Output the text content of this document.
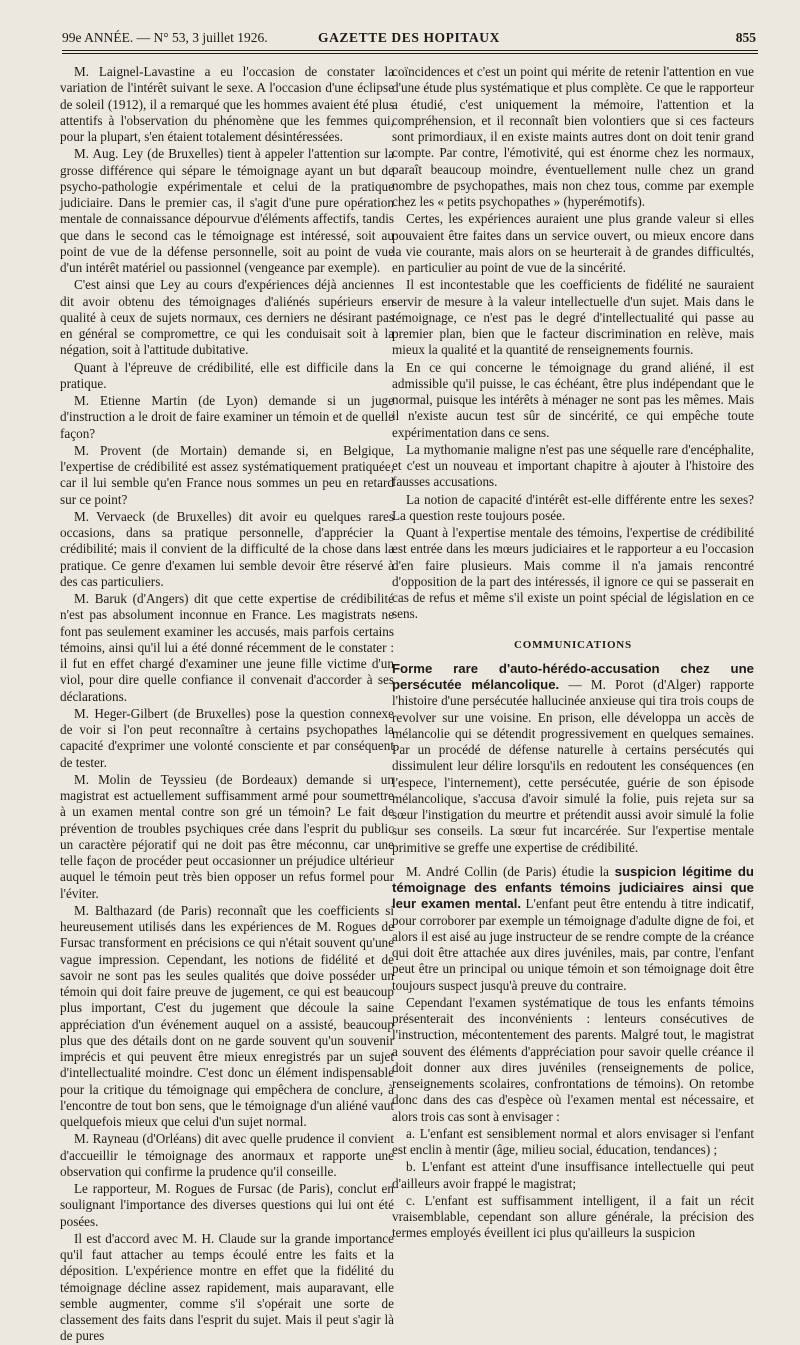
99e ANNÉE. — N° 53, 3 juillet 1926.	GAZETTE DES HOPITAUX	855

M. Laignel-Lavastine a eu l'occasion de constater la variation de l'intérêt suivant le sexe. A l'occasion d'une éclipse de soleil (1912), il a remarqué que les hommes avaient été plus attentifs à l'observation du phénomène que les femmes qui, pour la plupart, s'en étaient totalement désintéressées.

M. Aug. Ley (de Bruxelles) tient à appeler l'attention sur la grosse différence qui sépare le témoignage ayant un but de psycho-pathologie expérimentale et celui de la pratique judiciaire. Dans le premier cas, il s'agit d'une pure opération mentale de connaissance dépourvue d'éléments affectifs, tandis que dans le second cas le témoignage est intéressé, soit au point de vue de la défense personnelle, soit au point de vue d'un intérêt matériel ou passionnel (vengeance par exemple).

C'est ainsi que Ley au cours d'expériences déjà anciennes dit avoir obtenu des témoignages d'aliénés supérieurs en qualité à ceux de sujets normaux, ces derniers ne désirant pas en général se compromettre, ce qui les conduisait soit à la négation, soit à l'attitude dubitative.

Quant à l'épreuve de crédibilité, elle est difficile dans la pratique.

M. Etienne Martin (de Lyon) demande si un juge d'instruction a le droit de faire examiner un témoin et de quelle façon?

M. Provent (de Mortain) demande si, en Belgique, l'expertise de crédibilité est assez systématiquement pratiquée, car il lui semble qu'en France nous sommes un peu en retard sur ce point?

M. Vervaeck (de Bruxelles) dit avoir eu quelques rares occasions, dans sa pratique personnelle, d'apprécier la crédibilité; mais il convient de la difficulté de la chose dans la pratique. Ce genre d'examen lui semble devoir être réservé à des cas particuliers.

M. Baruk (d'Angers) dit que cette expertise de crédibilité n'est pas absolument inconnue en France. Les magistrats ne font pas seulement examiner les accusés, mais parfois certains témoins, ainsi qu'il lui a été donné récemment de le constater : il fut en effet chargé d'examiner une jeune fille victime d'un viol, pour dire quelle confiance il convenait d'accorder à ses déclarations.

M. Heger-Gilbert (de Bruxelles) pose la question connexe de voir si l'on peut reconnaître à certains psychopathes la capacité d'exprimer une volonté consciente et par conséquent de tester.

M. Molin de Teyssieu (de Bordeaux) demande si un magistrat est actuellement suffisamment armé pour soumettre à un examen mental contre son gré un témoin? Le fait de prévention de troubles psychiques crée dans l'esprit du public un caractère péjoratif qui ne doit pas être méconnu, car une telle façon de procéder peut occasionner un préjudice ultérieur auquel le témoin peut très bien opposer un refus formel pour l'éviter.

M. Balthazard (de Paris) reconnaît que les coefficients si heureusement utilisés dans les expériences de M. Rogues de Fursac transforment en précisions ce qui n'était souvent qu'une vague impression. Cependant, les notions de fidélité et de savoir ne sont pas les seules qualités que doive posséder un témoin qui doit faire preuve de jugement, ce qui est beaucoup plus important, C'est du jugement que découle la saine appréciation d'un événement auquel on a assisté, beaucoup plus que des détails dont on ne garde souvent qu'un souvenir imprécis et qui peuvent être mieux enregistrés par un sujet d'intellectualité moindre. C'est donc un élément indispensable pour la critique du témoignage qui empêchera de conclure, à l'encontre de tout bon sens, que le témoignage d'un aliéné vaut quelquefois mieux que celui d'un sujet normal.

M. Rayneau (d'Orléans) dit avec quelle prudence il convient d'accueillir le témoignage des anormaux et rapporte une observation qui confirme la prudence qu'il conseille.

Le rapporteur, M. Rogues de Fursac (de Paris), conclut en soulignant l'importance des diverses questions qui lui ont été posées.

Il est d'accord avec M. H. Claude sur la grande importance qu'il faut attacher au temps écoulé entre les faits et la déposition. L'expérience montre en effet que la fidélité du témoignage décline assez rapidement, mais auparavant, elle semble augmenter, comme s'il s'opérait une sorte de classement des faits dans l'esprit du sujet. Mais il peut s'agir là de pures

coïncidences et c'est un point qui mérite de retenir l'attention en vue d'une étude plus systématique et plus complète. Ce que le rapporteur a étudié, c'est uniquement la mémoire, l'attention et la compréhension, et il reconnaît bien volontiers que si ces facteurs sont primordiaux, il en existe maints autres dont on doit tenir grand compte. Par contre, l'émotivité, qui est énorme chez les normaux, paraît beaucoup moindre, éventuellement nulle chez un grand nombre de psychopathes, mais non chez tous, comme par exemple chez les « petits psychopathes » (hyperémotifs).

Certes, les expériences auraient une plus grande valeur si elles pouvaient être faites dans un service ouvert, ou mieux encore dans la vie courante, mais alors on se heurterait à de grandes difficultés, en particulier au point de vue de la sincérité.

Il est incontestable que les coefficients de fidélité ne sauraient servir de mesure à la valeur intellectuelle d'un sujet. Mais dans le témoignage, ce n'est pas le degré d'intellectualité qui passe au premier plan, bien que le facteur discrimination en relève, mais mieux la qualité et la quantité de renseignements fournis.

En ce qui concerne le témoignage du grand aliéné, il est admissible qu'il puisse, le cas échéant, être plus indépendant que le normal, puisque les intérêts à ménager ne sont pas les mêmes. Mais il n'existe aucun test sûr de sincérité, ce qui empêche toute expérimentation dans ce sens.

La mythomanie maligne n'est pas une séquelle rare d'encéphalite, et c'est un nouveau et important chapitre à ajouter à l'histoire des fausses accusations.

La notion de capacité d'intérêt est-elle différente entre les sexes? La question reste toujours posée.

Quant à l'expertise mentale des témoins, l'expertise de crédibilité est entrée dans les mœurs judiciaires et le rapporteur a eu l'occasion d'en faire plusieurs. Mais comme il n'a jamais rencontré d'opposition de la part des intéressés, il ignore ce qui se passerait en cas de refus et même s'il existe un point spécial de législation en ce sens.

COMMUNICATIONS

Forme rare d'auto-hérédo-accusation chez une persécutée mélancolique. — M. Porot (d'Alger) rapporte l'histoire d'une persécutée hallucinée anxieuse qui tira trois coups de revolver sur une voisine. En prison, elle développa un accès de mélancolie qui se détendit progressivement en quelques semaines. Par un procédé de défense naturelle à certains persécutés qui dissimulent leur délire lorsqu'ils en redoutent les conséquences (en l'espece, l'internement), cette persécutée, guérie de son épisode mélancolique, s'accusa d'avoir simulé la folie, puis rejeta sur sa sœur l'instigation du meurtre et prétendit aussi avoir simulé la folie sur ses conseils. La sœur fut incarcérée. Sur l'expertise mentale primitive se greffe une expertise de crédibilité.

M. André Collin (de Paris) étudie la suspicion légitime du témoignage des enfants témoins judiciaires ainsi que leur examen mental. L'enfant peut être entendu à titre indicatif, pour corroborer par exemple un témoignage d'adulte digne de foi, et alors il est aisé au juge instructeur de se rendre compte de la créance qui doit être attachée aux dires juvéniles, mais, par contre, l'enfant peut être un principal ou unique témoin et son témoignage doit être toujours suspect jusqu'à preuve du contraire.

Cependant l'examen systématique de tous les enfants témoins présenterait des inconvénients : lenteurs consécutives de l'instruction, mécontentement des parents. Malgré tout, le magistrat a souvent des éléments d'appréciation pour savoir quelle créance il doit donner aux dires juvéniles (renseignements de police, renseignements scolaires, confrontations de témoins). On retombe donc dans des cas d'espèce où l'examen mental est nécessaire, et alors trois cas sont à envisager :

a. L'enfant est sensiblement normal et alors envisager si l'enfant est enclin à mentir (âge, milieu social, éducation, tendances) ;

b. L'enfant est atteint d'une insuffisance intellectuelle qui peut d'ailleurs avoir frappé le magistrat;

c. L'enfant est suffisamment intelligent, il a fait un récit vraisemblable, cependant son allure générale, la précision des termes employés éveillent ici plus qu'ailleurs la suspicion
